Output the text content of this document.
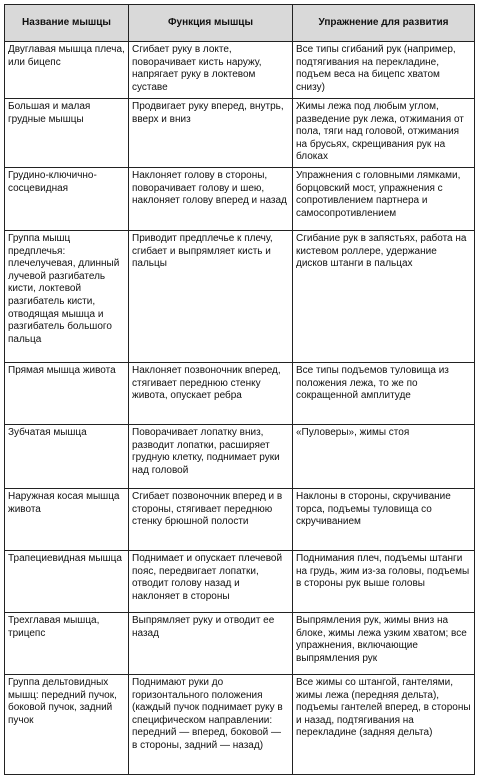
Название мышцы	Функция мышцы	Упражнение для развития
Двуглавая мышца плеча, или бицепс	Сгибает руку в локте, поворачивает кисть наружу, напрягает руку в локтевом суставе	Все типы сгибаний рук (например, подтягивания на перекладине, подъем веса на бицепс хватом снизу)
Большая и малая грудные мышцы	Продвигает руку вперед, внутрь, вверх и вниз	Жимы лежа под любым углом, разведение рук лежа, отжимания от пола, тяги над головой, отжимания на брусьях, скрещивания рук на блоках
Грудино-ключично-сосцевидная	Наклоняет голову в стороны, поворачивает голову и шею, наклоняет голову вперед и назад	Упражнения с головными лямками, борцовский мост, упражнения с сопротивлением партнера и самосопротивлением
Группа мышц предплечья: плечелучевая, длинный лучевой разгибатель кисти, локтевой разгибатель кисти, отводящая мышца и разгибатель большого пальца	Приводит предплечье к плечу, сгибает и выпрямляет кисть и пальцы	Сгибание рук в запястьях, работа на кистевом роллере, удержание дисков штанги в пальцах
Прямая мышца живота	Наклоняет позвоночник вперед, стягивает переднюю стенку живота, опускает ребра	Все типы подъемов туловища из положения лежа, то же по сокращенной амплитуде
Зубчатая мышца	Поворачивает лопатку вниз, разводит лопатки, расширяет грудную клетку, поднимает руки над головой	«Пуловеры», жимы стоя
Наружная косая мышца живота	Сгибает позвоночник вперед и в стороны, стягивает переднюю стенку брюшной полости	Наклоны в стороны, скручивание торса, подъемы туловища со скручиванием
Трапециевидная мышца	Поднимает и опускает плечевой пояс, передвигает лопатки, отводит голову назад и наклоняет в стороны	Поднимания плеч, подъемы штанги на грудь, жим из-за головы, подъемы в стороны рук выше головы
Трехглавая мышца, трицепс	Выпрямляет руку и отводит ее назад	Выпрямления рук, жимы вниз на блоке, жимы лежа узким хватом; все упражнения, включающие выпрямления рук
Группа дельтовидных мышц: передний пучок, боковой пучок, задний пучок	Поднимают руки до горизонтального положения (каждый пучок поднимает руку в специфическом направлении: передний — вперед, боковой — в стороны, задний — назад)	Все жимы со штангой, гантелями, жимы лежа (передняя дельта), подъемы гантелей вперед, в стороны и назад, подтягивания на перекладине (задняя дельта)
